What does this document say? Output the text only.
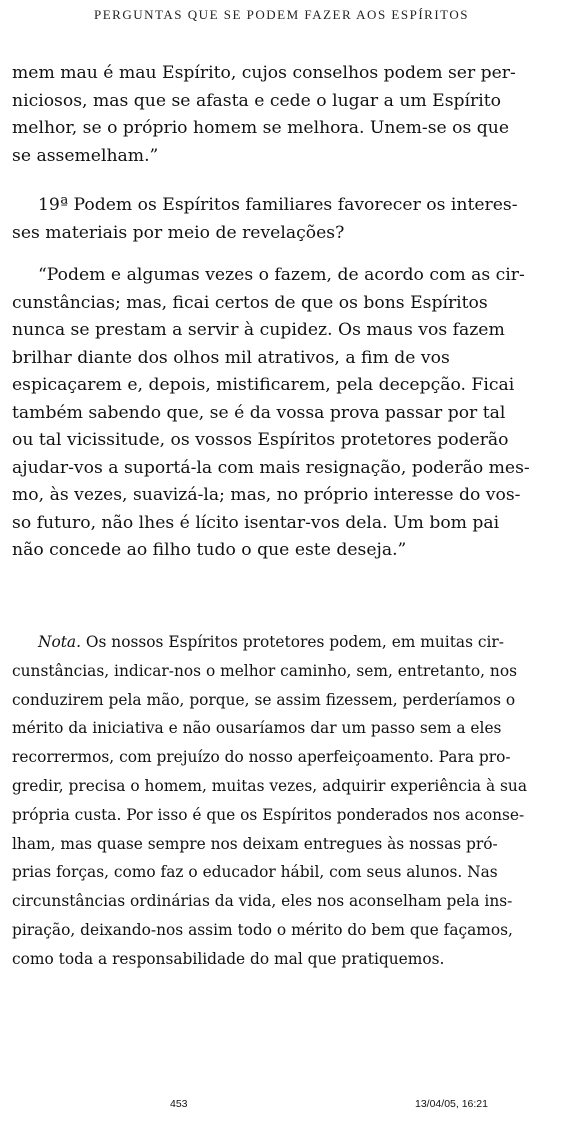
PERGUNTAS QUE SE PODEM FAZER AOS ESPÍRITOS
mem mau é mau Espírito, cujos conselhos podem ser per-
niciosos, mas que se afasta e cede o lugar a um Espírito
melhor, se o próprio homem se melhora. Unem-se os que
se assemelham.”
19ª Podem os Espíritos familiares favorecer os interes-
ses materiais por meio de revelações?
“Podem e algumas vezes o fazem, de acordo com as cir-
cunstâncias; mas, ficai certos de que os bons Espíritos
nunca se prestam a servir à cupidez. Os maus vos fazem
brilhar diante dos olhos mil atrativos, a fim de vos
espicaçarem e, depois, mistificarem, pela decepção. Ficai
também sabendo que, se é da vossa prova passar por tal
ou tal vicissitude, os vossos Espíritos protetores poderão
ajudar-vos a suportá-la com mais resignação, poderão mes-
mo, às vezes, suavizá-la; mas, no próprio interesse do vos-
so futuro, não lhes é lícito isentar-vos dela. Um bom pai
não concede ao filho tudo o que este deseja.”
Nota. Os nossos Espíritos protetores podem, em muitas cir-
cunstâncias, indicar-nos o melhor caminho, sem, entretanto, nos
conduzirem pela mão, porque, se assim fizessem, perderíamos o
mérito da iniciativa e não ousaríamos dar um passo sem a eles
recorrermos, com prejuízo do nosso aperfeiçoamento. Para pro-
gredir, precisa o homem, muitas vezes, adquirir experiência à sua
própria custa. Por isso é que os Espíritos ponderados nos aconse-
lham, mas quase sempre nos deixam entregues às nossas pró-
prias forças, como faz o educador hábil, com seus alunos. Nas
circunstâncias ordinárias da vida, eles nos aconselham pela ins-
piração, deixando-nos assim todo o mérito do bem que façamos,
como toda a responsabilidade do mal que pratiquemos.
453	13/04/05, 16:21
